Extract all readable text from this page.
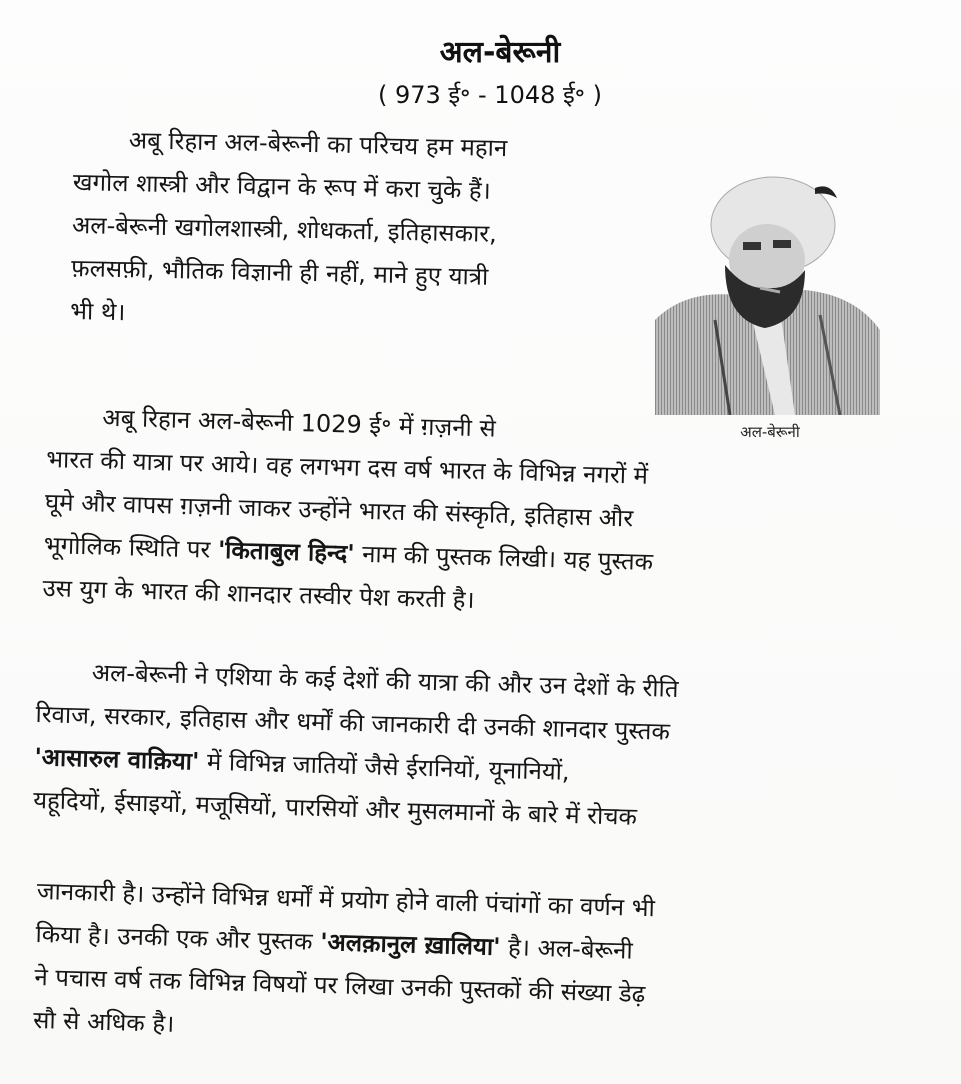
अल-बेरूनी
( 973 ई॰ - 1048 ई॰ )
अबू रिहान अल-बेरूनी का परिचय हम महान
खगोल शास्त्री और विद्वान के रूप में करा चुके हैं।
अल-बेरूनी खगोलशास्त्री, शोधकर्ता, इतिहासकार,
फ़लसफ़ी, भौतिक विज्ञानी ही नहीं, माने हुए यात्री
भी थे।
अल-बेरूनी
अबू रिहान अल-बेरूनी 1029 ई॰ में ग़ज़नी से
भारत की यात्रा पर आये। वह लगभग दस वर्ष भारत के विभिन्न नगरों में
घूमे और वापस ग़ज़नी जाकर उन्होंने भारत की संस्कृति, इतिहास और
भूगोलिक स्थिति पर 'किताबुल हिन्द' नाम की पुस्तक लिखी। यह पुस्तक
उस युग के भारत की शानदार तस्वीर पेश करती है।
अल-बेरूनी ने एशिया के कई देशों की यात्रा की और उन देशों के रीति
रिवाज, सरकार, इतिहास और धर्मों की जानकारी दी उनकी शानदार पुस्तक
'आसारुल वाक़िया' में विभिन्न जातियों जैसे ईरानियों, यूनानियों,
यहूदियों, ईसाइयों, मजूसियों, पारसियों और मुसलमानों के बारे में रोचक
जानकारी है। उन्होंने विभिन्न धर्मों में प्रयोग होने वाली पंचांगों का वर्णन भी
किया है। उनकी एक और पुस्तक 'अलक़ानुल ख़ालिया' है। अल-बेरूनी
ने पचास वर्ष तक विभिन्न विषयों पर लिखा उनकी पुस्तकों की संख्या डेढ़
सौ से अधिक है।
